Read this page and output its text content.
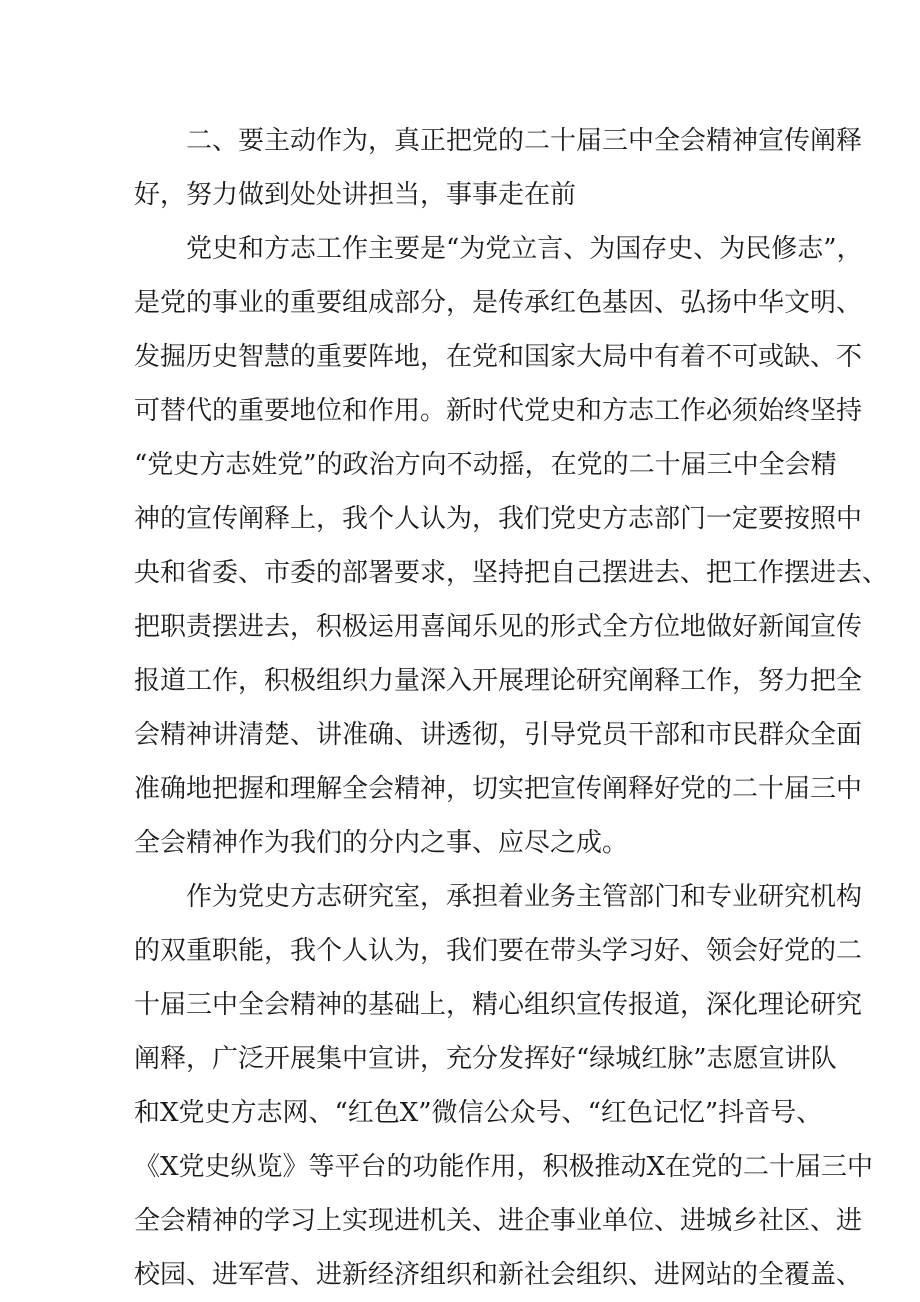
二、要主动作为，真正把党的二十届三中全会精神宣传阐释
好，努力做到处处讲担当，事事走在前
党史和方志工作主要是“为党立言、为国存史、为民修志”，
是党的事业的重要组成部分，是传承红色基因、弘扬中华文明、
发掘历史智慧的重要阵地，在党和国家大局中有着不可或缺、不
可替代的重要地位和作用。新时代党史和方志工作必须始终坚持
“党史方志姓党”的政治方向不动摇，在党的二十届三中全会精
神的宣传阐释上，我个人认为，我们党史方志部门一定要按照中
央和省委、市委的部署要求，坚持把自己摆进去、把工作摆进去、
把职责摆进去，积极运用喜闻乐见的形式全方位地做好新闻宣传
报道工作，积极组织力量深入开展理论研究阐释工作，努力把全
会精神讲清楚、讲准确、讲透彻，引导党员干部和市民群众全面
准确地把握和理解全会精神，切实把宣传阐释好党的二十届三中
全会精神作为我们的分内之事、应尽之成。
作为党史方志研究室，承担着业务主管部门和专业研究机构
的双重职能，我个人认为，我们要在带头学习好、领会好党的二
十届三中全会精神的基础上，精心组织宣传报道，深化理论研究
阐释，广泛开展集中宣讲，充分发挥好“绿城红脉”志愿宣讲队
和X党史方志网、“红色X”微信公众号、“红色记忆”抖音号、
《X党史纵览》等平台的功能作用，积极推动X在党的二十届三中
全会精神的学习上实现进机关、进企事业单位、进城乡社区、进
校园、进军营、进新经济组织和新社会组织、进网站的全覆盖、
